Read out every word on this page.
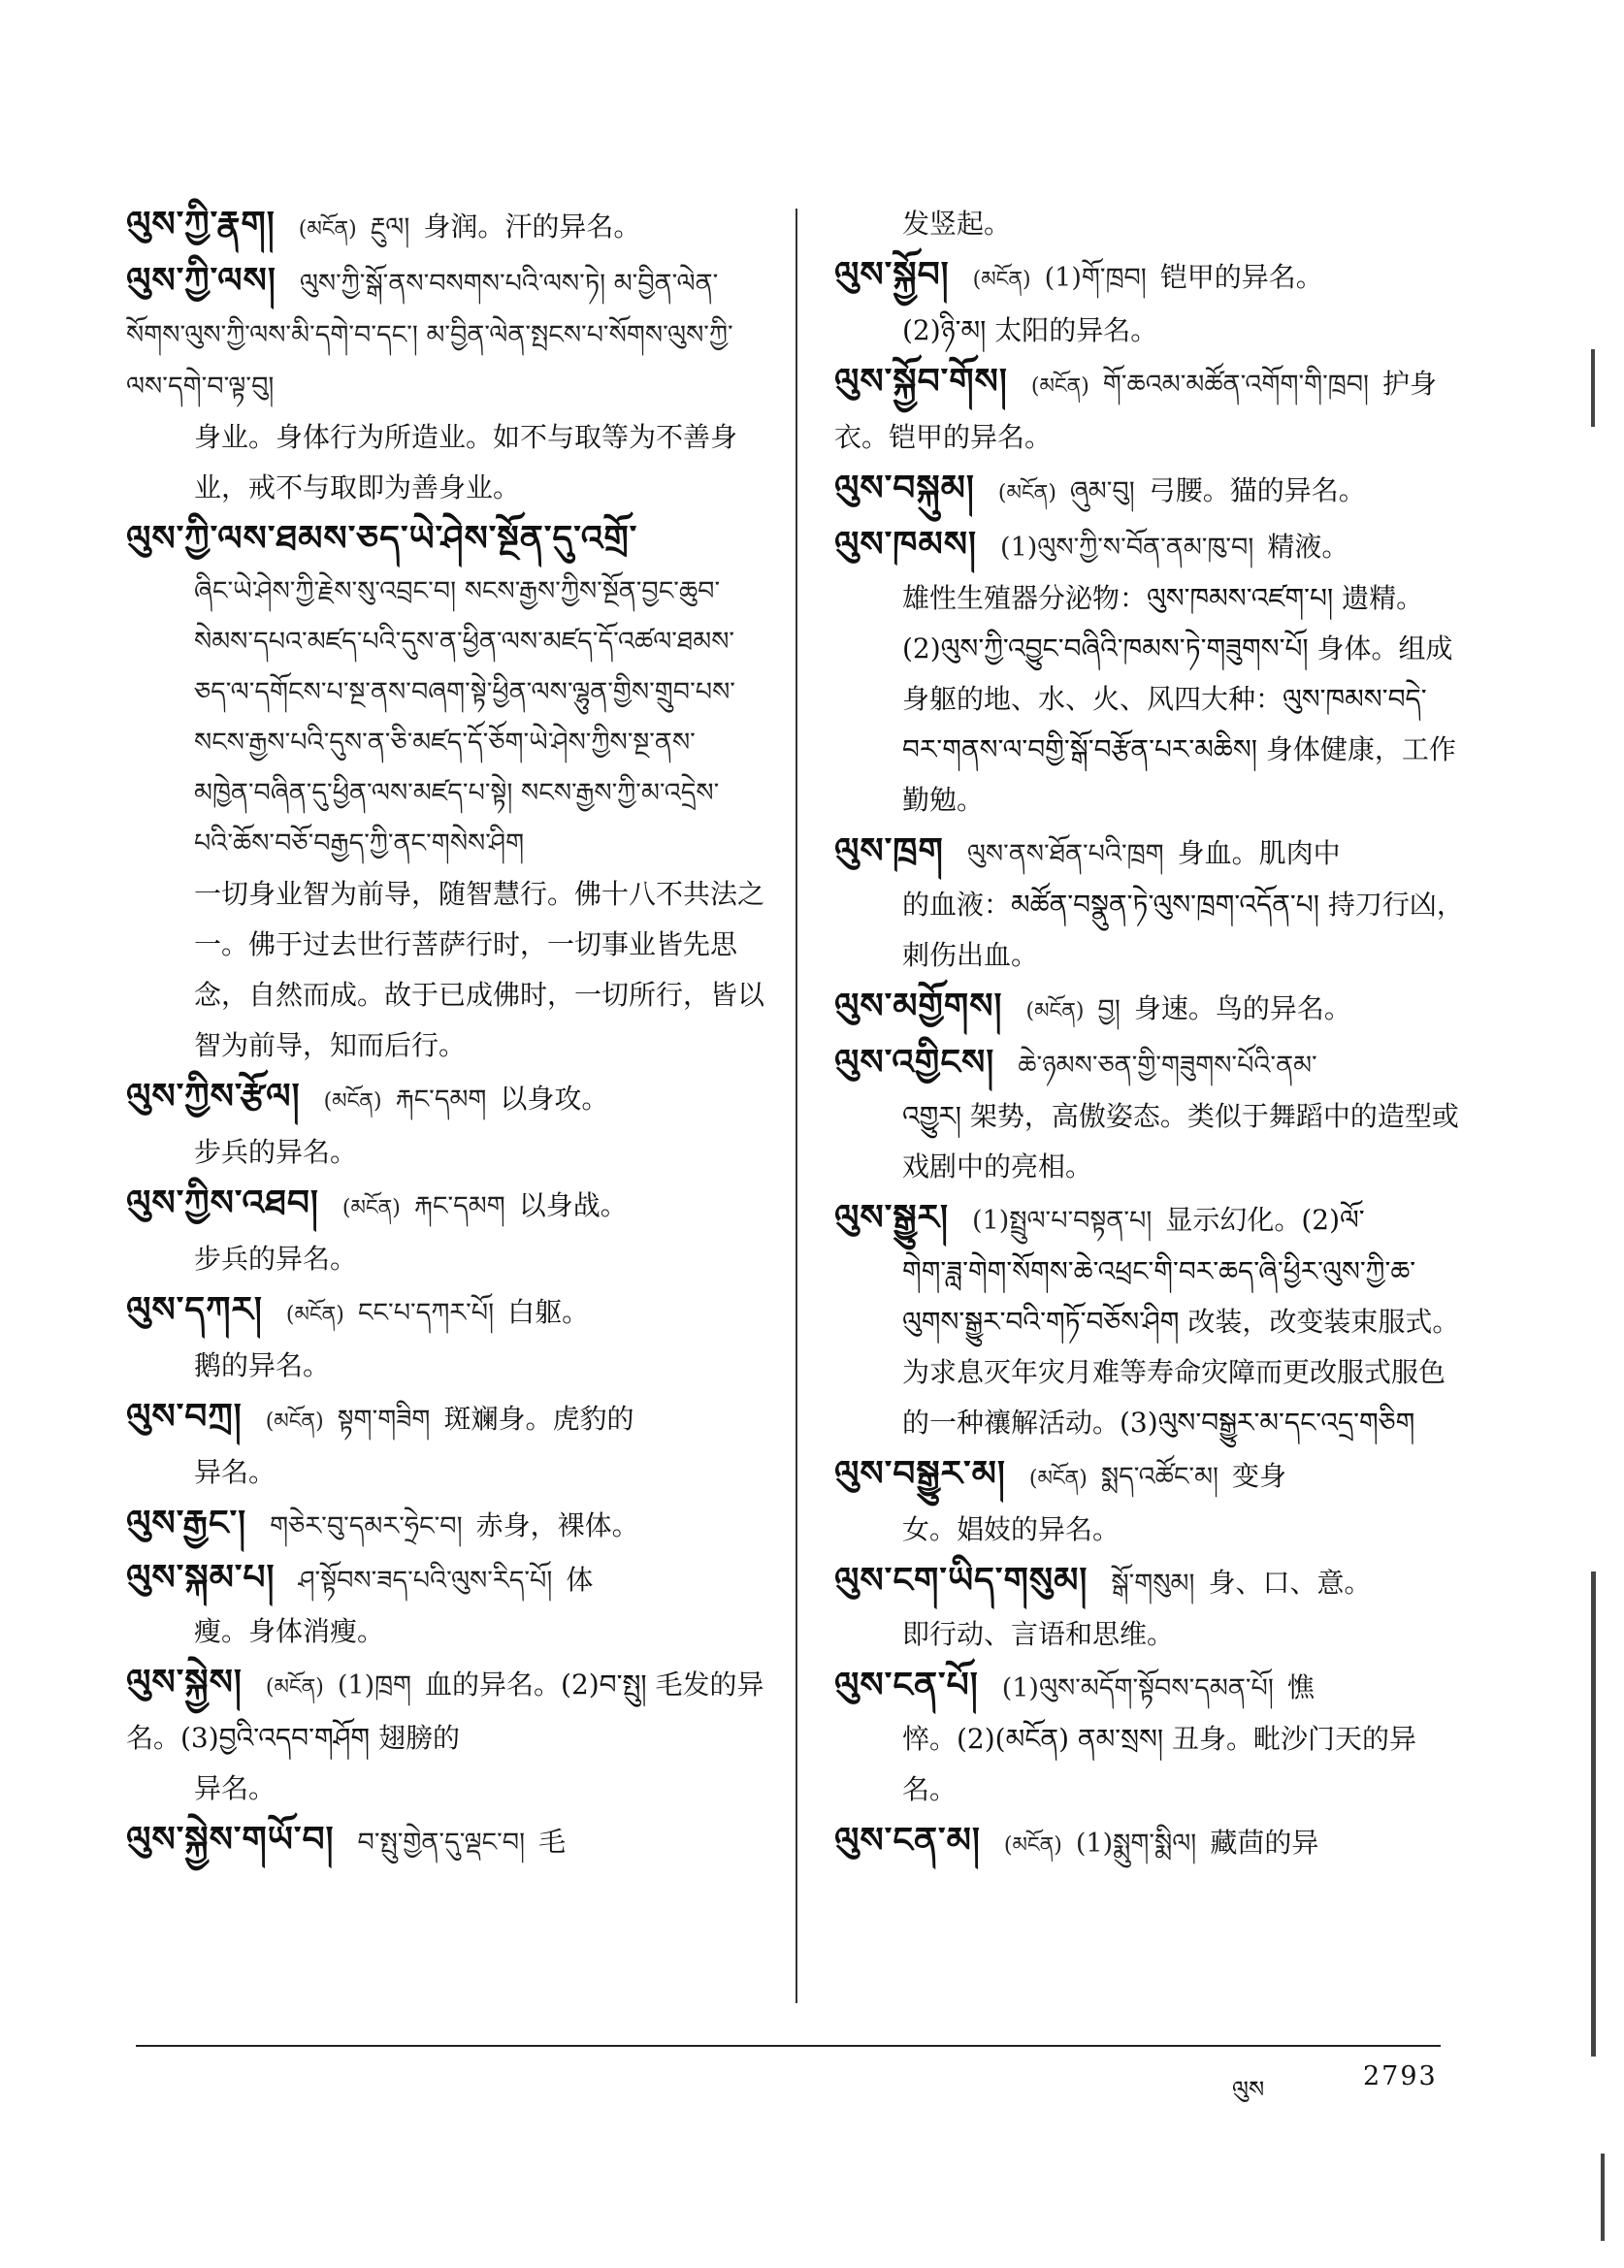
ལུས་ཀྱི་རྣག། (མངོན) རྔུལ། 身润。汗的异名。
ལུས་ཀྱི་ལས། ལུས་ཀྱི་སྒོ་ནས་བསགས་པའི་ལས་ཏེ། མ་བྱིན་ལེན་སོགས་ལུས་ཀྱི་ལས་མི་དགེ་བ་དང་། མ་བྱིན་ལེན་སྤངས་པ་སོགས་ལུས་ཀྱི་ལས་དགེ་བ་ལྟ་བུ།
身业。身体行为所造业。如不与取等为不善身业，戒不与取即为善身业。
ལུས་ཀྱི་ལས་ཐམས་ཅད་ཡེ་ཤེས་སྔོན་དུ་འགྲོ་
ཞིང་ཡེ་ཤེས་ཀྱི་རྗེས་སུ་འབྲང་བ། སངས་རྒྱས་ཀྱིས་སྔོན་བྱང་ཆུབ་སེམས་དཔའ་མཛད་པའི་དུས་ན་ཕྱིན་ལས་མཛད་དོ་འཚལ་ཐམས་ཅད་ལ་དགོངས་པ་སྔ་ནས་བཞག་སྟེ་ཕྱིན་ལས་ལྷུན་གྱིས་གྲུབ་པས་སངས་རྒྱས་པའི་དུས་ན་ཅི་མཛད་དོ་ཅོག་ཡེ་ཤེས་ཀྱིས་སྔ་ནས་མཁྱེན་བཞིན་དུ་ཕྱིན་ལས་མཛད་པ་སྟེ། སངས་རྒྱས་ཀྱི་མ་འདྲེས་པའི་ཆོས་བཅོ་བརྒྱད་ཀྱི་ནང་གསེས་ཤིག
一切身业智为前导，随智慧行。佛十八不共法之一。佛于过去世行菩萨行时，一切事业皆先思念，自然而成。故于已成佛时，一切所行，皆以智为前导，知而后行。
ལུས་ཀྱིས་རྩོལ། (མངོན) རྐང་དམག 以身攻。
步兵的异名。
ལུས་ཀྱིས་འཐབ། (མངོན) རྐང་དམག 以身战。
步兵的异名。
ལུས་དཀར། (མངོན) ངང་པ་དཀར་པོ། 白躯。
鹅的异名。
ལུས་བཀྲ། (མངོན) སྟག་གཟིག 斑斓身。虎豹的
异名。
ལུས་རྒྱང་། གཅེར་བུ་དམར་ཧྲེང་བ། 赤身，裸体。
ལུས་སྐམ་པ། ཤ་སྟོབས་ཟད་པའི་ལུས་རིད་པོ། 体
瘦。身体消瘦。
ལུས་སྐྱེས། (མངོན) (1)ཁྲག 血的异名。(2)བ་སྤུ། 毛发的异名。(3)བྱའི་འདབ་གཤོག 翅膀的
异名。
ལུས་སྐྱེས་གཡོ་བ། བ་སྤུ་གྱེན་དུ་ལྡང་བ། 毛
发竖起。
ལུས་སྐྱོབ། (མངོན) (1)གོ་ཁྲབ། 铠甲的异名。
(2)ཉི་མ། 太阳的异名。
ལུས་སྐྱོབ་གོས། (མངོན) གོ་ཆའམ་མཚོན་འགོག་གི་ཁྲབ། 护身衣。铠甲的异名。
ལུས་བསྐུམ། (མངོན) ཞུམ་བུ། 弓腰。猫的异名。
ལུས་ཁམས། (1)ལུས་ཀྱི་ས་བོན་ནམ་ཁུ་བ། 精液。
雄性生殖器分泌物：ལུས་ཁམས་འཛག་པ། 遗精。(2)ལུས་ཀྱི་འབྱུང་བཞིའི་ཁམས་ཏེ་གཟུགས་པོ། 身体。组成身躯的地、水、火、风四大种：ལུས་ཁམས་བདེ་བར་གནས་ལ་བགྱི་སྒོ་བརྩོན་པར་མཆིས། 身体健康，工作勤勉。
ལུས་ཁྲག ལུས་ནས་ཐོན་པའི་ཁྲག 身血。肌肉中
的血液：མཚོན་བསྣུན་ཏེ་ལུས་ཁྲག་འདོན་པ། 持刀行凶，刺伤出血。
ལུས་མགྱོགས། (མངོན) བྱ། 身速。鸟的异名。
ལུས་འགྱིངས། ཆེ་ཉམས་ཅན་གྱི་གཟུགས་པོའི་ནམ་
འགྱུར། 架势，高傲姿态。类似于舞蹈中的造型或戏剧中的亮相。
ལུས་སྒྱུར། (1)སྤྲུལ་པ་བསྟན་པ། 显示幻化。(2)ལོ་
གེག་ཟླ་གེག་སོགས་ཆེ་འཕྲང་གི་བར་ཆད་ཞི་ཕྱིར་ལུས་ཀྱི་ཆ་ལུགས་སྒྱུར་བའི་གཏོ་བཅོས་ཤིག 改装，改变装束服式。为求息灭年灾月难等寿命灾障而更改服式服色的一种禳解活动。(3)ལུས་བསྒྱུར་མ་དང་འདྲ་གཅིག
ལུས་བསྒྱུར་མ། (མངོན) སྨད་འཚོང་མ། 变身
女。娼妓的异名。
ལུས་ངག་ཡིད་གསུམ། སྒོ་གསུམ། 身、口、意。
即行动、言语和思维。
ལུས་ངན་པོ། (1)ལུས་མདོག་སྟོབས་དམན་པོ། 憔
悴。(2)(མངོན) ནམ་སྲས། 丑身。毗沙门天的异名。
ལུས་ངན་མ། (མངོན) (1)སྨུག་སྨིལ། 藏茴的异
ལུས	2793
